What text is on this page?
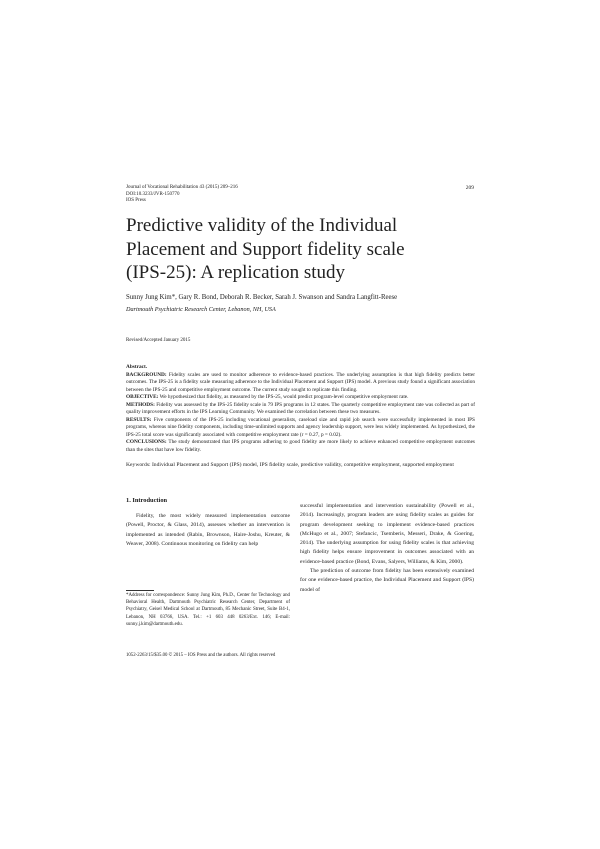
Journal of Vocational Rehabilitation 43 (2015) 209–216
DOI:10.3233/JVR-150770
IOS Press
209
Predictive validity of the Individual
Placement and Support fidelity scale
(IPS-25): A replication study
Sunny Jung Kim*, Gary R. Bond, Deborah R. Becker, Sarah J. Swanson and Sandra Langfitt-Reese
Dartmouth Psychiatric Research Center, Lebanon, NH, USA
Revised/Accepted January 2015

Abstract.

BACKGROUND: Fidelity scales are used to monitor adherence to evidence-based practices. The underlying assumption is that high fidelity predicts better outcomes. The IPS-25 is a fidelity scale measuring adherence to the Individual Placement and Support (IPS) model. A previous study found a significant association between the IPS-25 and competitive employment outcome. The current study sought to replicate this finding.

OBJECTIVE: We hypothesized that fidelity, as measured by the IPS-25, would predict program-level competitive employment rate.

METHODS: Fidelity was assessed by the IPS-25 fidelity scale in 79 IPS programs in 12 states. The quarterly competitive employment rate was collected as part of quality improvement efforts in the IPS Learning Community. We examined the correlation between these two measures.

RESULTS: Five components of the IPS-25 including vocational generalists, caseload size and rapid job search were successfully implemented in most IPS programs, whereas nine fidelity components, including time-unlimited supports and agency leadership support, were less widely implemented. As hypothesized, the IPS-25 total score was significantly associated with competitive employment rate (r = 0.27, p = 0.02).

CONCLUSIONS: The study demonstrated that IPS programs adhering to good fidelity are more likely to achieve enhanced competitive employment outcomes than the sites that have low fidelity.

Keywords: Individual Placement and Support (IPS) model, IPS fidelity scale, predictive validity, competitive employment, supported employment
1. Introduction

Fidelity, the most widely measured implementation outcome (Powell, Proctor, & Glass, 2014), assesses whether an intervention is implemented as intended (Rabin, Brownson, Haire-Joshu, Kreuter, & Weaver, 2008). Continuous monitoring on fidelity can help

*Address for correspondence: Sunny Jung Kim, Ph.D., Center for Technology and Behavioral Health, Dartmouth Psychiatric Research Center, Department of Psychiatry, Geisel Medical School at Dartmouth, 85 Mechanic Street, Suite B4-1, Lebanon, NH 03766, USA. Tel.: +1 603 448 0263/Ext. 146; E-mail: sunny.j.kim@dartmouth.edu.

successful implementation and intervention sustainability (Powell et al., 2014). Increasingly, program leaders are using fidelity scales as guides for program development seeking to implement evidence-based practices (McHugo et al., 2007; Stefancic, Tsemberis, Messeri, Drake, & Goering, 2014). The underlying assumption for using fidelity scales is that achieving high fidelity helps ensure improvement in outcomes associated with an evidence-based practice (Bond, Evans, Salyers, Williams, & Kim, 2000).

The prediction of outcome from fidelity has been extensively examined for one evidence-based practice, the Individual Placement and Support (IPS) model of

1052-2263/15/$35.00 © 2015 – IOS Press and the authors. All rights reserved
